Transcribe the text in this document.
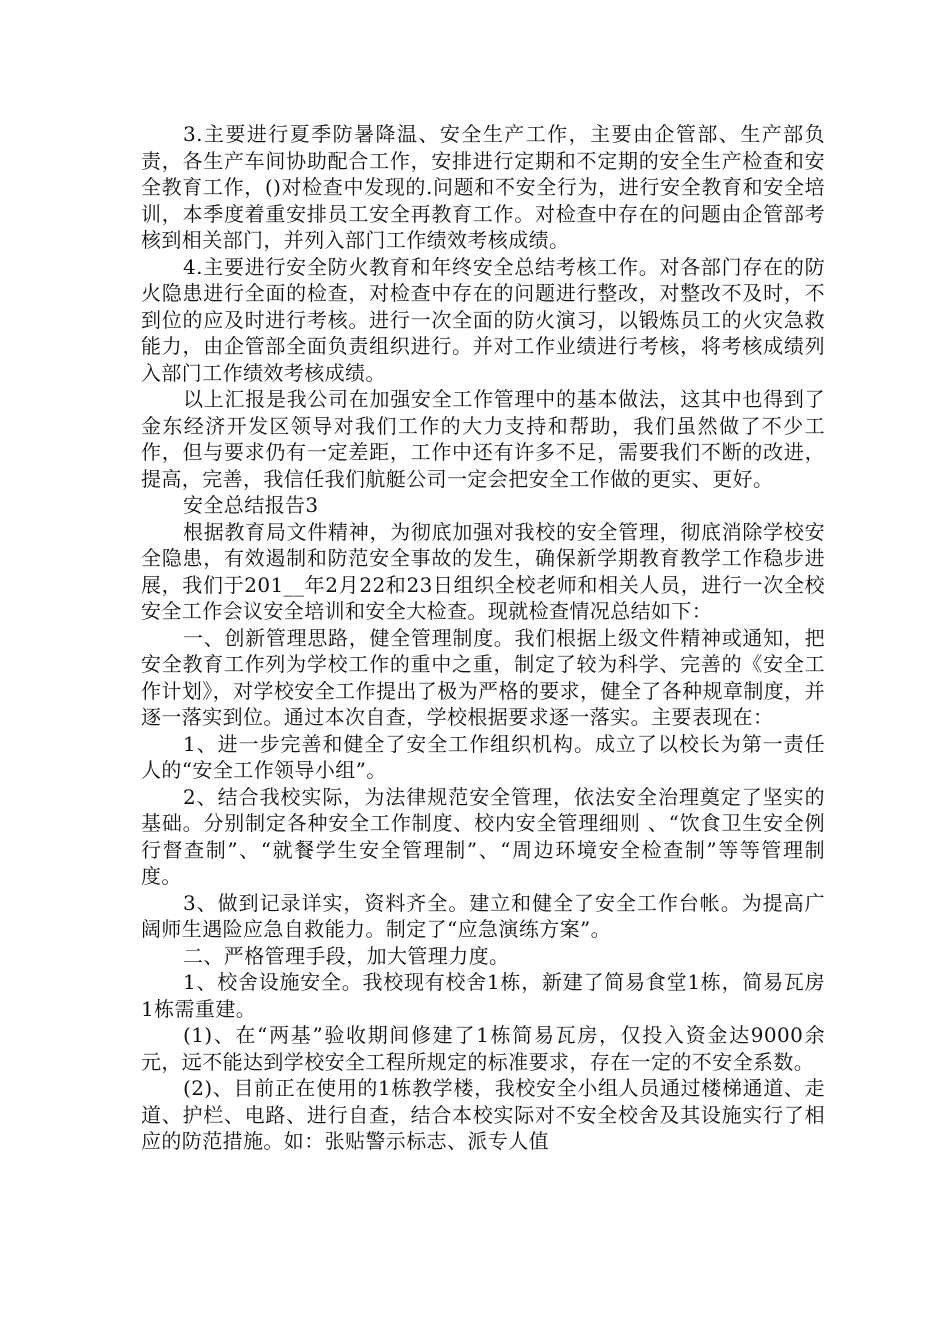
3.主要进行夏季防暑降温、安全生产工作，主要由企管部、生产部负责，各生产车间协助配合工作，安排进行定期和不定期的安全生产检查和安全教育工作，()对检查中发现的.问题和不安全行为，进行安全教育和安全培训，本季度着重安排员工安全再教育工作。对检查中存在的问题由企管部考核到相关部门，并列入部门工作绩效考核成绩。

4.主要进行安全防火教育和年终安全总结考核工作。对各部门存在的防火隐患进行全面的检查，对检查中存在的问题进行整改，对整改不及时，不到位的应及时进行考核。进行一次全面的防火演习，以锻炼员工的火灾急救能力，由企管部全面负责组织进行。并对工作业绩进行考核，将考核成绩列入部门工作绩效考核成绩。

以上汇报是我公司在加强安全工作管理中的基本做法，这其中也得到了金东经济开发区领导对我们工作的大力支持和帮助，我们虽然做了不少工作，但与要求仍有一定差距，工作中还有许多不足，需要我们不断的改进，提高，完善，我信任我们航艇公司一定会把安全工作做的更实、更好。

安全总结报告3

根据教育局文件精神，为彻底加强对我校的安全管理，彻底消除学校安全隐患，有效遏制和防范安全事故的发生，确保新学期教育教学工作稳步进展，我们于201__年2月22和23日组织全校老师和相关人员，进行一次全校安全工作会议安全培训和安全大检查。现就检查情况总结如下：

一、创新管理思路，健全管理制度。我们根据上级文件精神或通知，把安全教育工作列为学校工作的重中之重，制定了较为科学、完善的《安全工作计划》，对学校安全工作提出了极为严格的要求，健全了各种规章制度，并逐一落实到位。通过本次自查，学校根据要求逐一落实。主要表现在：

1、进一步完善和健全了安全工作组织机构。成立了以校长为第一责任人的“安全工作领导小组”。

2、结合我校实际，为法律规范安全管理，依法安全治理奠定了坚实的基础。分别制定各种安全工作制度、校内安全管理细则 、“饮食卫生安全例行督查制”、“就餐学生安全管理制”、“周边环境安全检查制”等等管理制度。

3、做到记录详实，资料齐全。建立和健全了安全工作台帐。为提高广阔师生遇险应急自救能力。制定了“应急演练方案”。

二、严格管理手段，加大管理力度。

1、校舍设施安全。我校现有校舍1栋，新建了简易食堂1栋，简易瓦房1栋需重建。

(1)、在“两基”验收期间修建了1栋简易瓦房，仅投入资金达9000余元，远不能达到学校安全工程所规定的标准要求，存在一定的不安全系数。

(2)、目前正在使用的1栋教学楼，我校安全小组人员通过楼梯通道、走道、护栏、电路、进行自查，结合本校实际对不安全校舍及其设施实行了相应的防范措施。如：张贴警示标志、派专人值
